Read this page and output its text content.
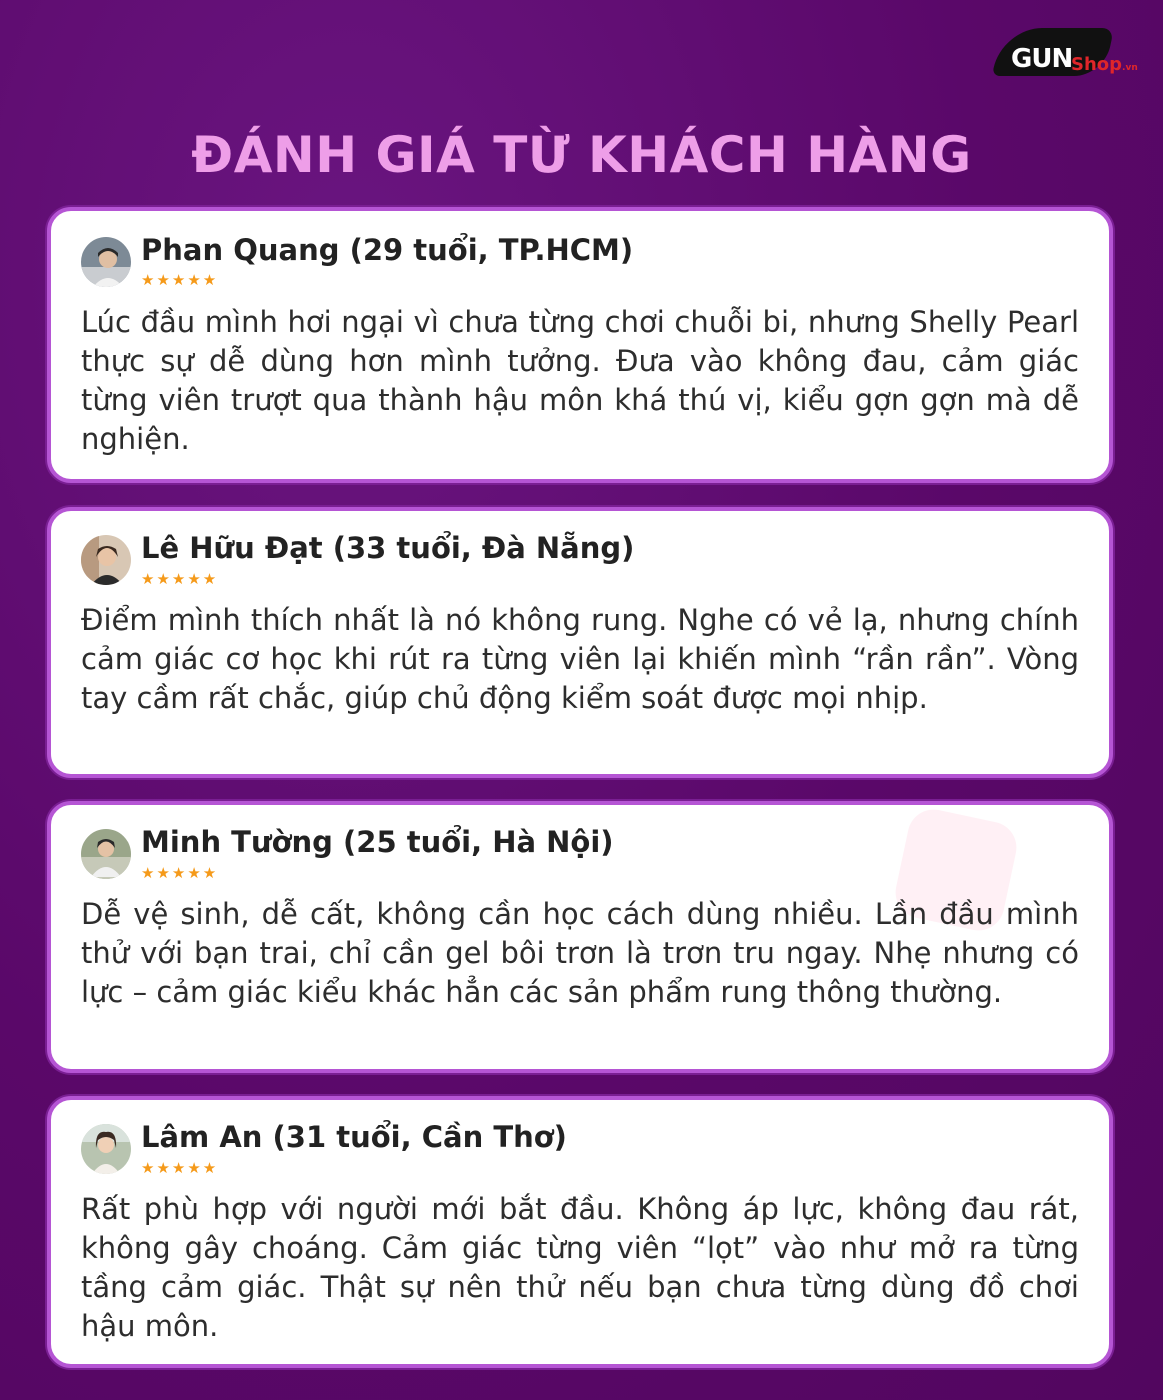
GUN
Shop.vn
ĐÁNH GIÁ TỪ KHÁCH HÀNG
Phan Quang (29 tuổi, TP.HCM)
★★★★★

Lúc đầu mình hơi ngại vì chưa từng chơi chuỗi bi, nhưng Shelly Pearl thực sự dễ dùng hơn mình tưởng. Đưa vào không đau, cảm giác từng viên trượt qua thành hậu môn khá thú vị, kiểu gợn gợn mà dễ nghiện.

Lê Hữu Đạt (33 tuổi, Đà Nẵng)
★★★★★

Điểm mình thích nhất là nó không rung. Nghe có vẻ lạ, nhưng chính cảm giác cơ học khi rút ra từng viên lại khiến mình “rần rần”. Vòng tay cầm rất chắc, giúp chủ động kiểm soát được mọi nhịp.

Minh Tường (25 tuổi, Hà Nội)
★★★★★

Dễ vệ sinh, dễ cất, không cần học cách dùng nhiều. Lần đầu mình thử với bạn trai, chỉ cần gel bôi trơn là trơn tru ngay. Nhẹ nhưng có lực – cảm giác kiểu khác hẳn các sản phẩm rung thông thường.

Lâm An (31 tuổi, Cần Thơ)
★★★★★

Rất phù hợp với người mới bắt đầu. Không áp lực, không đau rát, không gây choáng. Cảm giác từng viên “lọt” vào như mở ra từng tầng cảm giác. Thật sự nên thử nếu bạn chưa từng dùng đồ chơi hậu môn.
